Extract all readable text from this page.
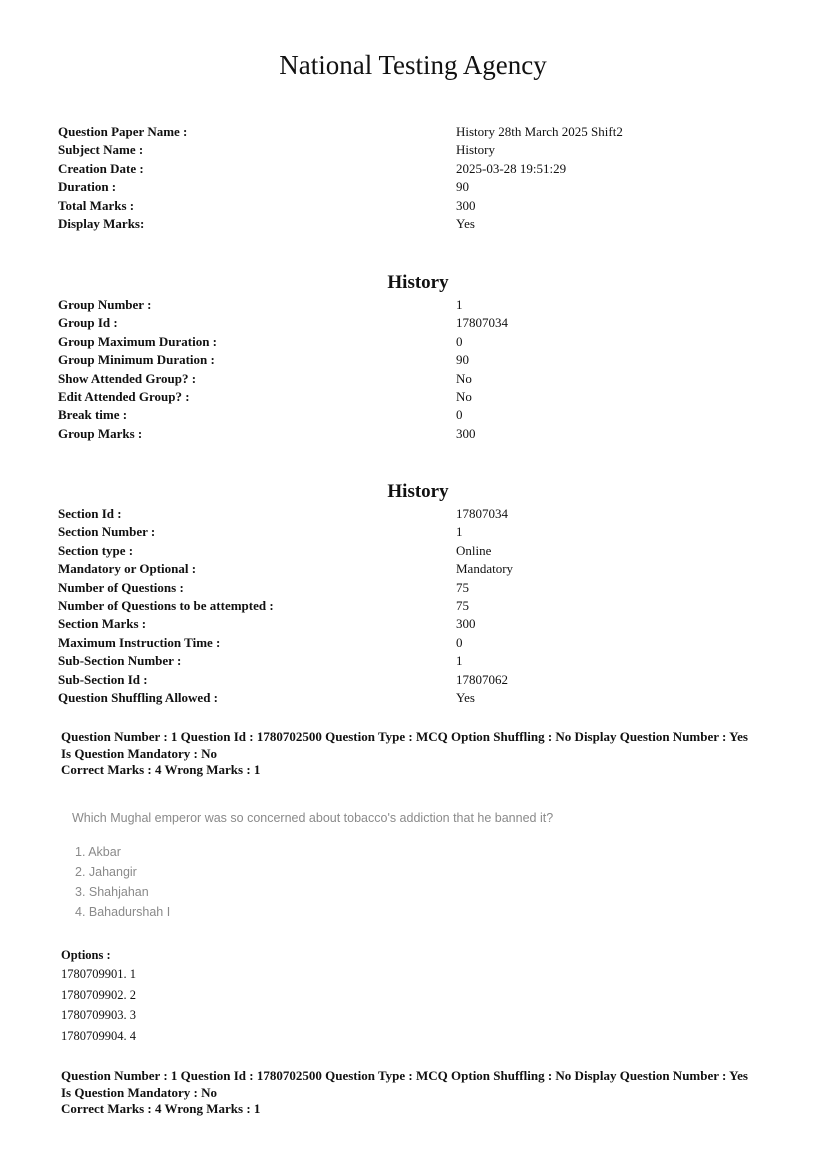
National Testing Agency
Question Paper Name :	History 28th March 2025 Shift2
Subject Name :	History
Creation Date :	2025-03-28 19:51:29
Duration :	90
Total Marks :	300
Display Marks:	Yes
History
Group Number :	1
Group Id :	17807034
Group Maximum Duration :	0
Group Minimum Duration :	90
Show Attended Group? :	No
Edit Attended Group? :	No
Break time :	0
Group Marks :	300
History
Section Id :	17807034
Section Number :	1
Section type :	Online
Mandatory or Optional :	Mandatory
Number of Questions :	75
Number of Questions to be attempted :	75
Section Marks :	300
Maximum Instruction Time :	0
Sub-Section Number :	1
Sub-Section Id :	17807062
Question Shuffling Allowed :	Yes
Question Number : 1 Question Id : 1780702500 Question Type : MCQ Option Shuffling : No Display Question Number : Yes
Is Question Mandatory : No
Correct Marks : 4 Wrong Marks : 1
Which Mughal emperor was so concerned about tobacco's addiction that he banned it?
1. Akbar
2. Jahangir
3. Shahjahan
4. Bahadurshah I
Options :
1780709901. 1
1780709902. 2
1780709903. 3
1780709904. 4
Question Number : 1 Question Id : 1780702500 Question Type : MCQ Option Shuffling : No Display Question Number : Yes
Is Question Mandatory : No
Correct Marks : 4 Wrong Marks : 1
